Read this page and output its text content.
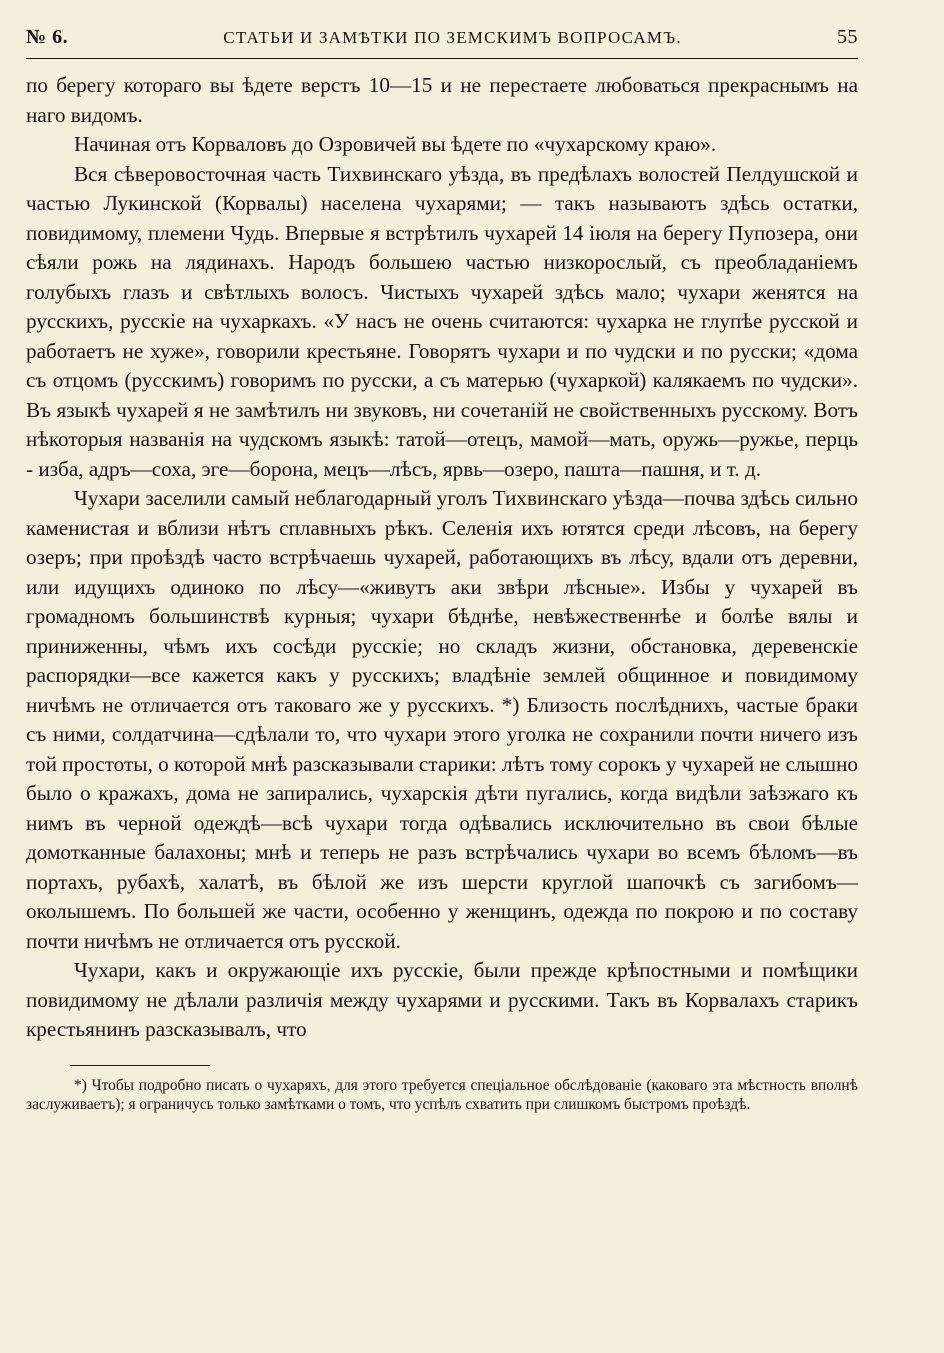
№ 6.	СТАТЬИ И ЗАМѢТКИ ПО ЗЕМСКИМЪ ВОПРОСАМЪ.	55

по берегу котораго вы ѣдете верстъ 10—15 и не перестаете любоваться прекраснымъ на наго видомъ.

Начиная отъ Корваловъ до Озровичей вы ѣдете по «чухарскому краю».

Вся сѣверовосточная часть Тихвинскаго уѣзда, въ предѣлахъ волостей Пелдушской и частью Лукинской (Корвалы) населена чухарями; — такъ называютъ здѣсь остатки, повидимому, племени Чудь. Впервые я встрѣтилъ чухарей 14 іюля на берегу Пупозера, они сѣяли рожь на лядинахъ. Народъ большею частью низкорослый, съ преобладаніемъ голубыхъ глазъ и свѣтлыхъ волосъ. Чистыхъ чухарей здѣсь мало; чухари женятся на русскихъ, русскіе на чухаркахъ. «У насъ не очень считаются: чухарка не глупѣе русской и работаетъ не хуже», говорили крестьяне. Говорятъ чухари и по чудски и по русски; «дома съ отцомъ (русскимъ) говоримъ по русски, а съ матерью (чухаркой) калякаемъ по чудски». Въ языкѣ чухарей я не замѣтилъ ни звуковъ, ни сочетаній не свойственныхъ русскому. Вотъ нѣкоторыя названія на чудскомъ языкѣ: татой—отецъ, мамой—мать, оружь—ружье, перць - изба, адръ—соха, эге—борона, мецъ—лѣсъ, ярвь—озеро, пашта—пашня, и т. д.

Чухари заселили самый неблагодарный уголъ Тихвинскаго уѣзда—почва здѣсь сильно каменистая и вблизи нѣтъ сплавныхъ рѣкъ. Селенія ихъ ютятся среди лѣсовъ, на берегу озеръ; при проѣздѣ часто встрѣчаешь чухарей, работающихъ въ лѣсу, вдали отъ деревни, или идущихъ одиноко по лѣсу—«живутъ аки звѣри лѣсные». Избы у чухарей въ громадномъ большинствѣ курныя; чухари бѣднѣе, невѣжественнѣе и болѣе вялы и приниженны, чѣмъ ихъ сосѣди русскіе; но складъ жизни, обстановка, деревенскіе распорядки—все кажется какъ у русскихъ; владѣніе землей общинное и повидимому ничѣмъ не отличается отъ таковаго же у русскихъ. *) Близость послѣднихъ, частые браки съ ними, солдатчина—сдѣлали то, что чухари этого уголка не сохранили почти ничего изъ той простоты, о которой мнѣ разсказывали старики: лѣтъ тому сорокъ у чухарей не слышно было о кражахъ, дома не запирались, чухарскія дѣти пугались, когда видѣли заѣзжаго къ нимъ въ черной одеждѣ—всѣ чухари тогда одѣвались исключительно въ свои бѣлые домотканные балахоны; мнѣ и теперь не разъ встрѣчались чухари во всемъ бѣломъ—въ портахъ, рубахѣ, халатѣ, въ бѣлой же изъ шерсти круглой шапочкѣ съ загибомъ—околышемъ. По большей же части, особенно у женщинъ, одежда по покрою и по составу почти ничѣмъ не отличается отъ русской.

Чухари, какъ и окружающіе ихъ русскіе, были прежде крѣпостными и помѣщики повидимому не дѣлали различія между чухарями и русскими. Такъ въ Корвалахъ старикъ крестьянинъ разсказывалъ, что

*) Чтобы подробно писать о чухаряхъ, для этого требуется спеціальное обслѣдованіе (каковаго эта мѣстность вполнѣ заслуживаетъ); я ограничусь только замѣтками о томъ, что успѣлъ схватить при слишкомъ быстромъ проѣздѣ.
